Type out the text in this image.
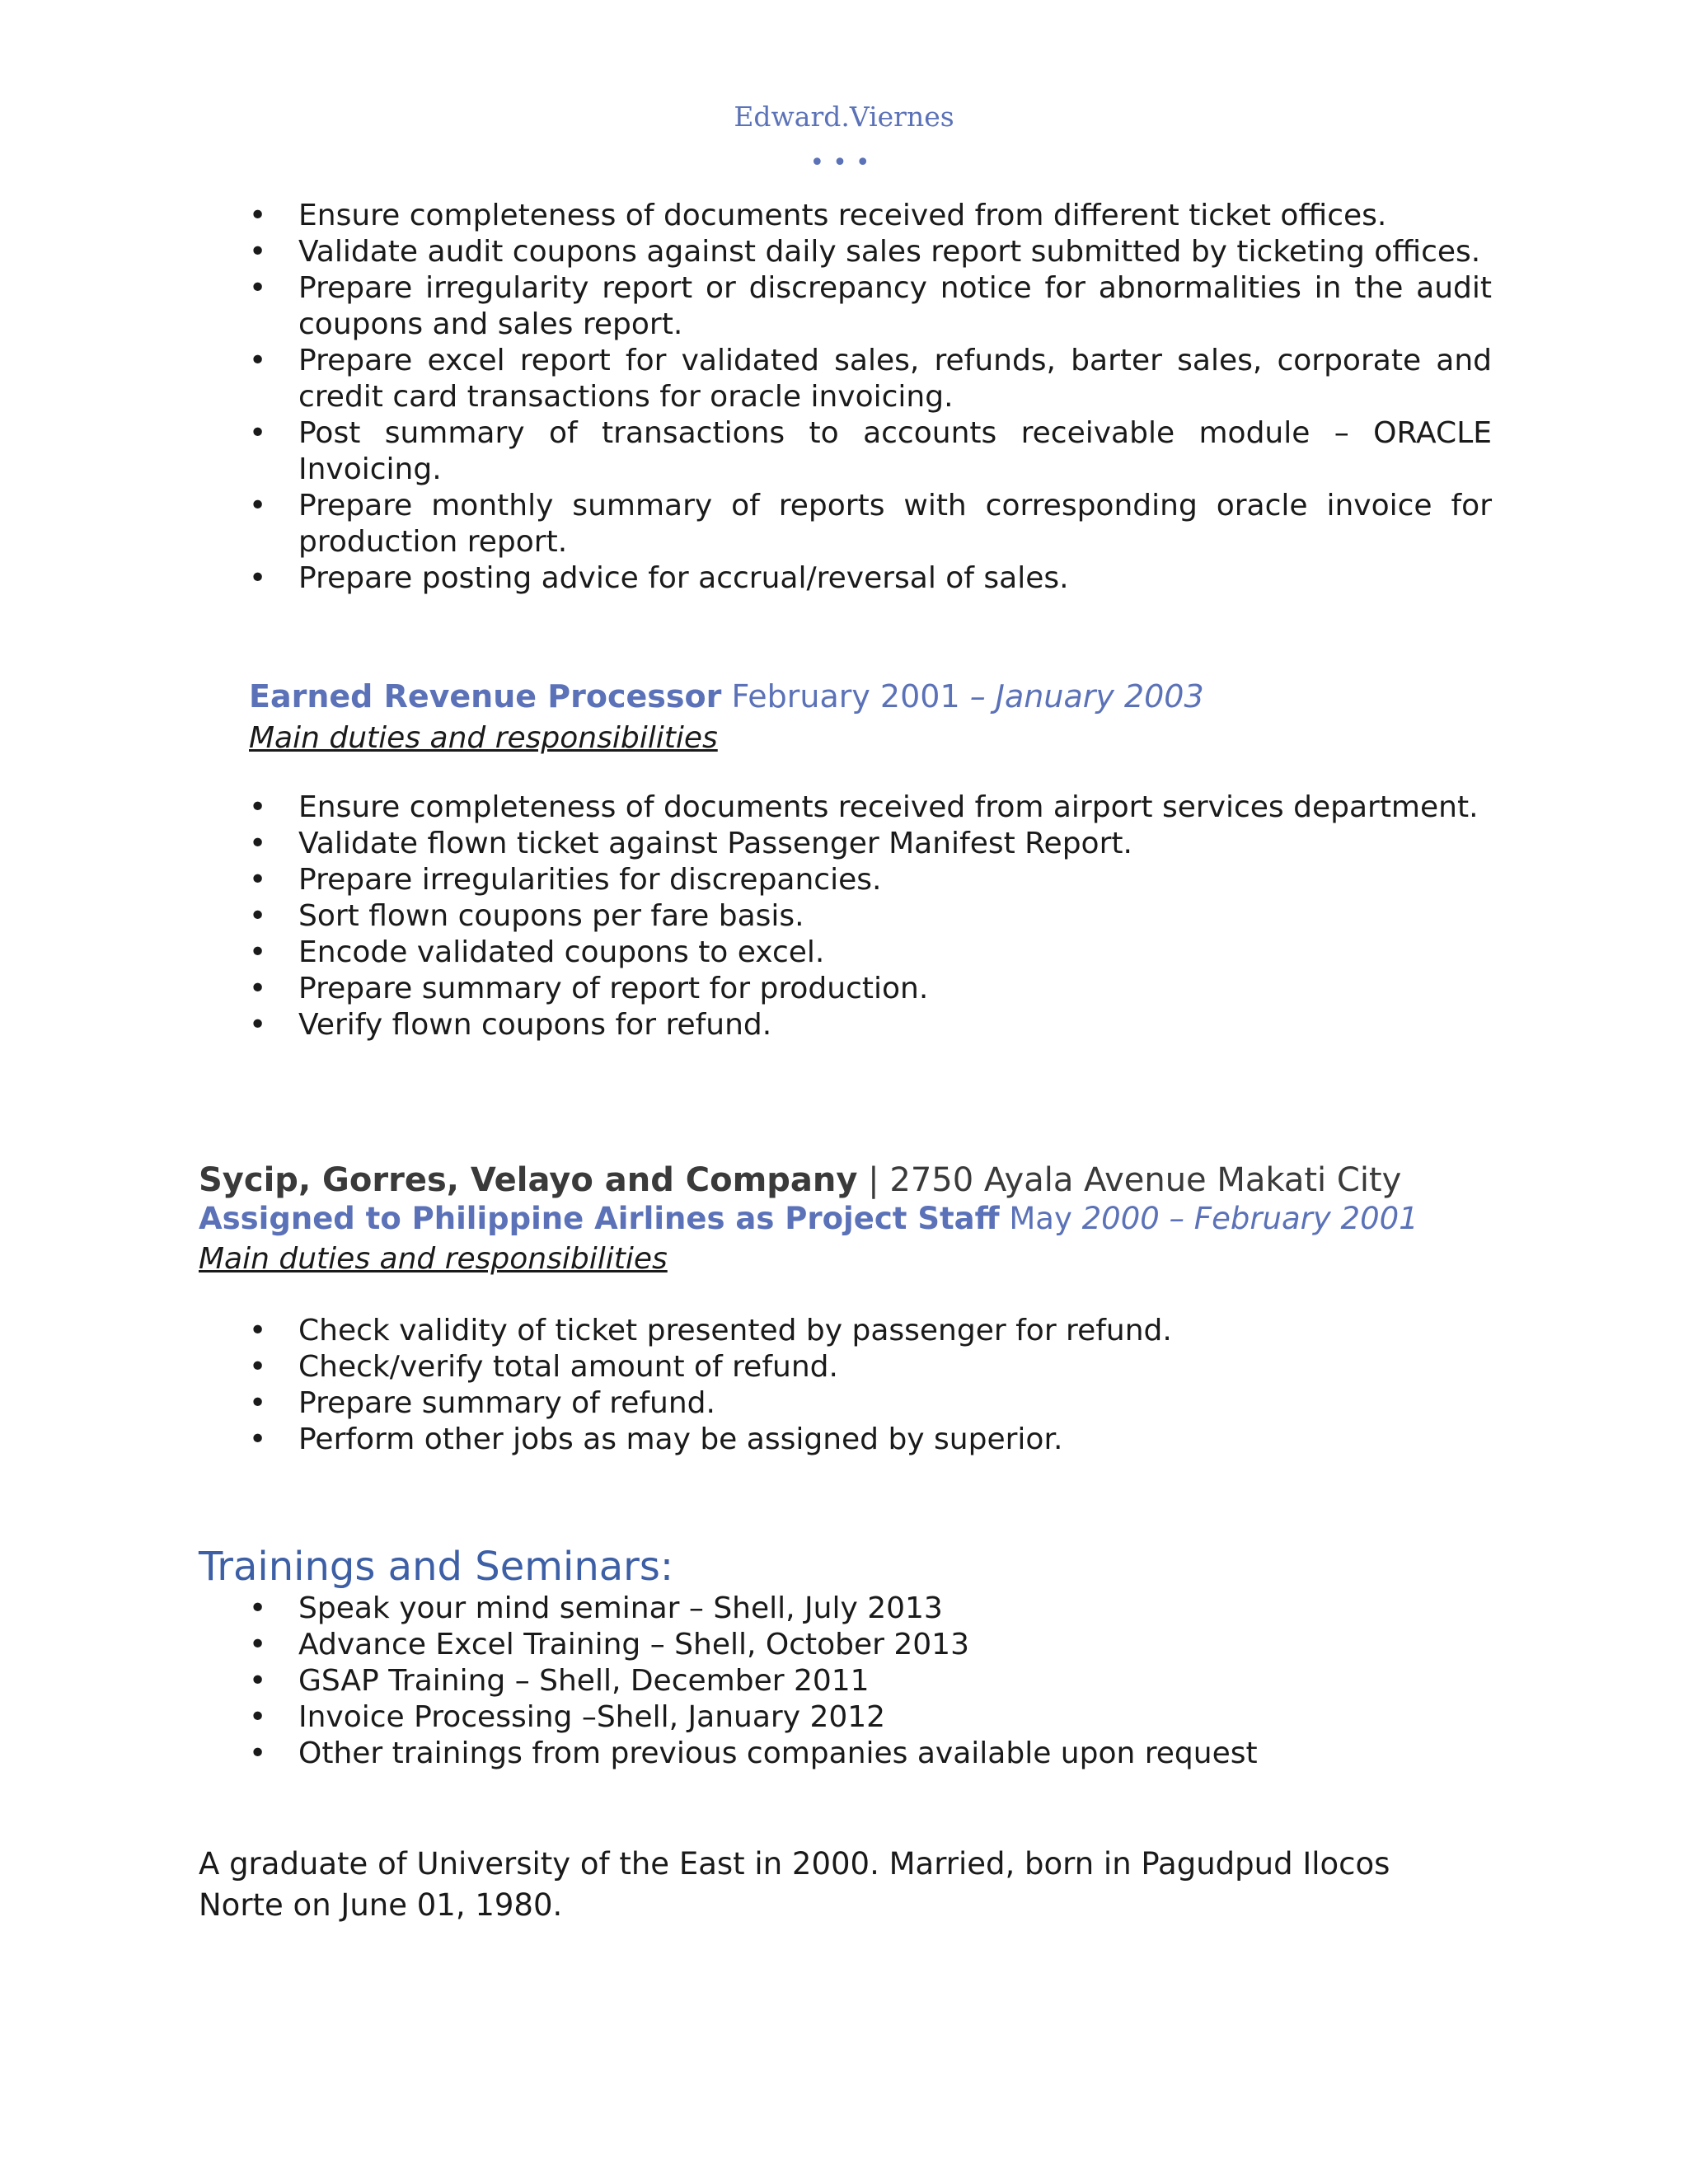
Edward.Viernes
•••
• Ensure completeness of documents received from different ticket offices.
• Validate audit coupons against daily sales report submitted by ticketing offices.
• Prepare irregularity report or discrepancy notice for abnormalities in the audit coupons and sales report.
• Prepare excel report for validated sales, refunds, barter sales, corporate and credit card transactions for oracle invoicing.
• Post summary of transactions to accounts receivable module – ORACLE Invoicing.
• Prepare monthly summary of reports with corresponding oracle invoice for production report.
• Prepare posting advice for accrual/reversal of sales.
Earned Revenue Processor February 2001 – January 2003
Main duties and responsibilities
• Ensure completeness of documents received from airport services department.
• Validate flown ticket against Passenger Manifest Report.
• Prepare irregularities for discrepancies.
• Sort flown coupons per fare basis.
• Encode validated coupons to excel.
• Prepare summary of report for production.
• Verify flown coupons for refund.
Sycip, Gorres, Velayo and Company | 2750 Ayala Avenue Makati City
Assigned to Philippine Airlines as Project Staff May 2000 – February 2001
Main duties and responsibilities
• Check validity of ticket presented by passenger for refund.
• Check/verify total amount of refund.
• Prepare summary of refund.
• Perform other jobs as may be assigned by superior.
Trainings and Seminars:
• Speak your mind seminar – Shell, July 2013
• Advance Excel Training – Shell, October 2013
• GSAP Training – Shell, December 2011
• Invoice Processing –Shell, January 2012
• Other trainings from previous companies available upon request
A graduate of University of the East in 2000. Married, born in Pagudpud Ilocos Norte on June 01, 1980.
